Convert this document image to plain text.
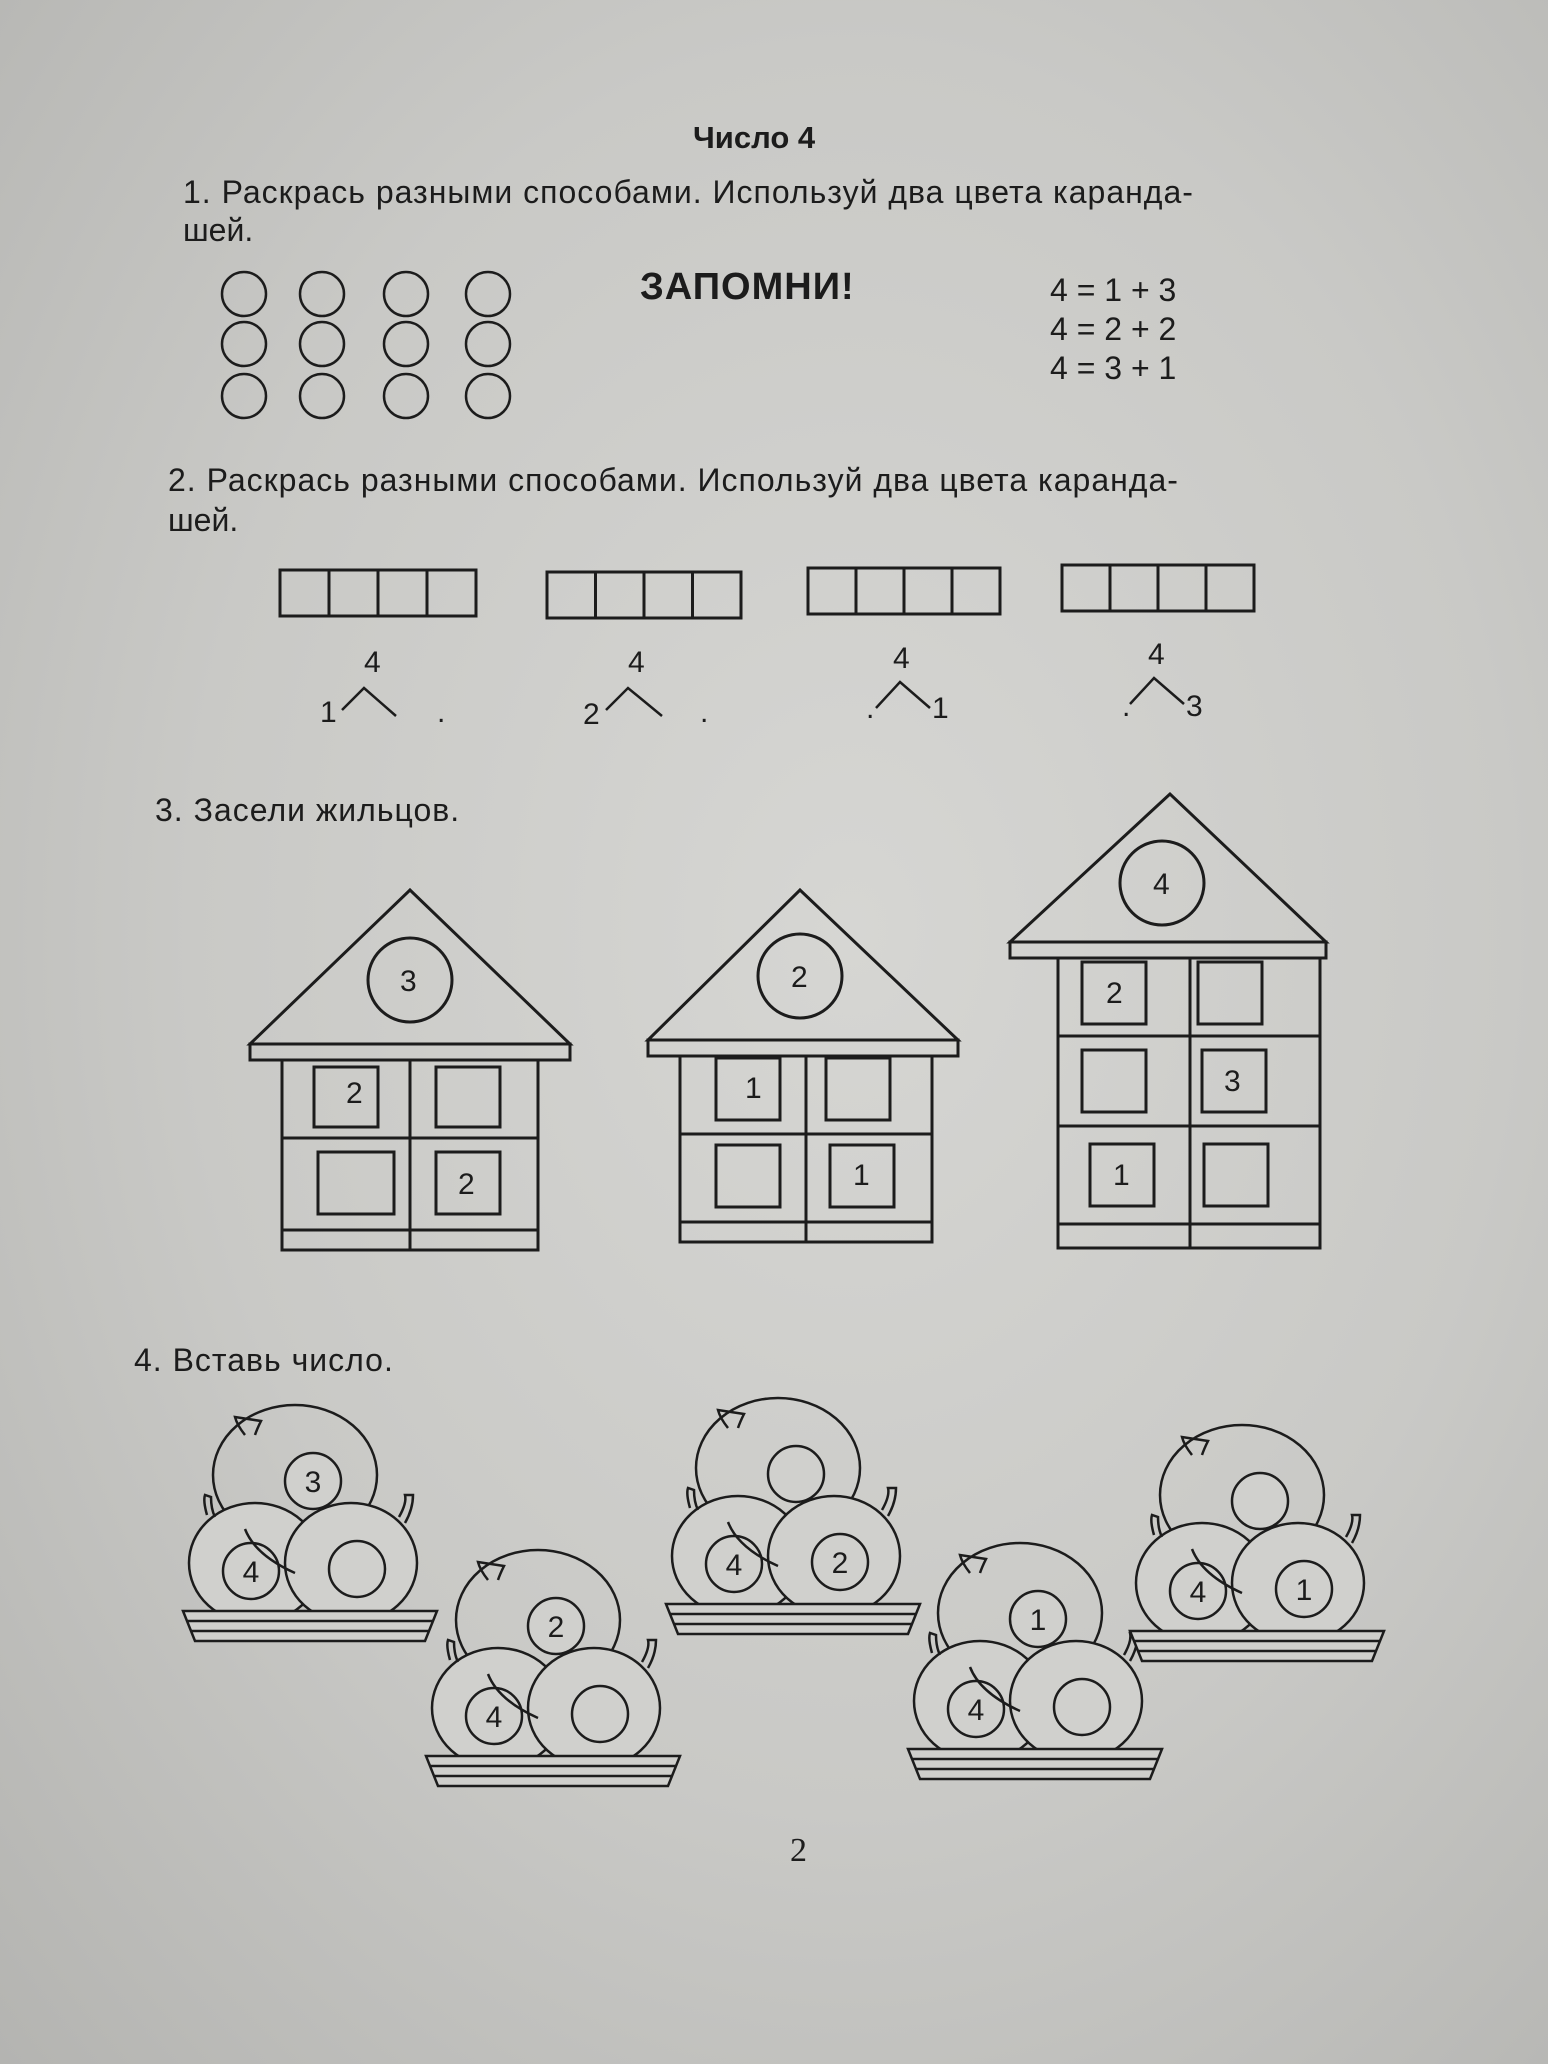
Число 4
1. Раскрась разными способами. Используй два цвета каранда-
шей.
ЗАПОМНИ!	4 = 1 + 3
4 = 2 + 2
4 = 3 + 1
2. Раскрась разными способами. Используй два цвета каранда-
шей.
3. Засели жильцов.
4. Вставь число.
2
4
1	.
4
2	.
4
. 1
4
. 3
3
2
2
2
1
1
4
2
3
1
3
4
2
4
4	2
1
4
4	1
